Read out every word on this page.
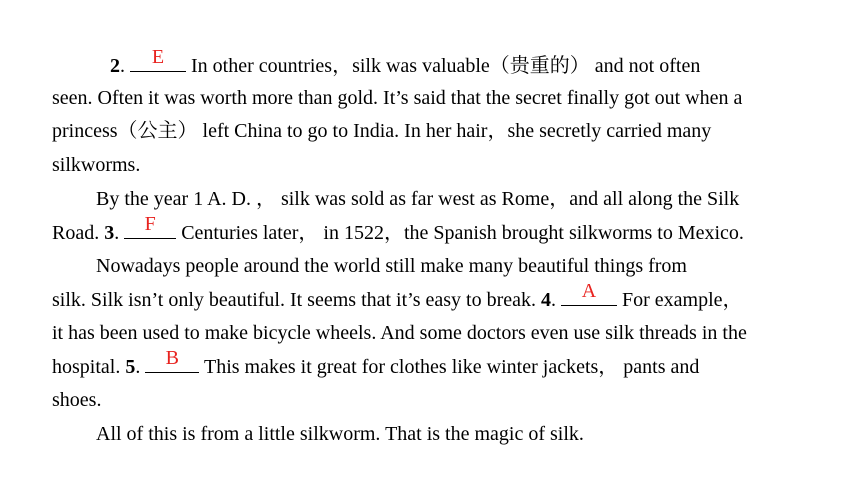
2.	E	In other countries，silk was valuable（贵重的） and not often
seen. Often it was worth more than gold. It’s said that the secret finally got out when a
princess（公主） left China to go to India. In her hair，she secretly carried many
silkworms.
By the year 1 A. D. ， silk was sold as far west as Rome，and all along the Silk
Road. 3.	F	Centuries later， in 1522，the Spanish brought silkworms to Mexico.
Nowadays people around the world still make many beautiful things from
silk. Silk isn’t only beautiful. It seems that it’s easy to break. 4.	A	For example，
it has been used to make bicycle wheels. And some doctors even use silk threads in the
hospital. 5.	B	This makes it great for clothes like winter jackets， pants and
shoes.
All of this is from a little silkworm. That is the magic of silk.
